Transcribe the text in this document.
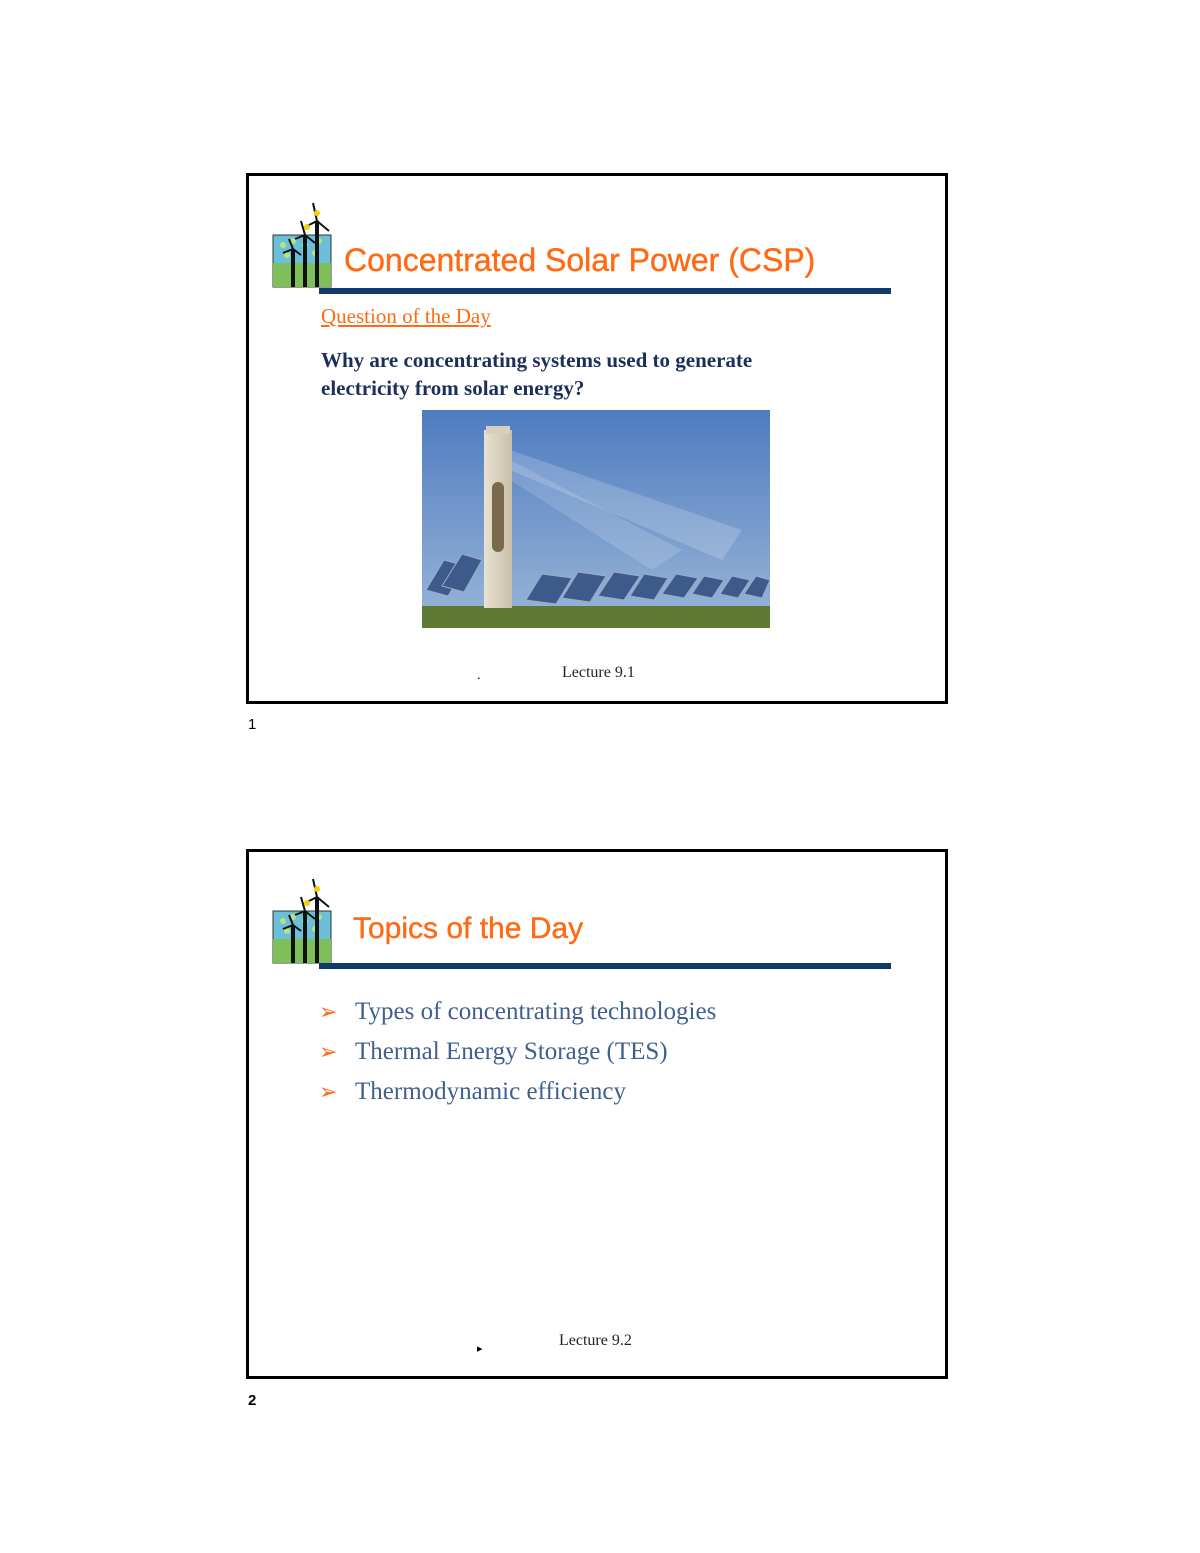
Concentrated Solar Power (CSP)
Question of the Day
Why are concentrating systems used to generate electricity from solar energy?
.	Lecture 9.1
1
Topics of the Day
➢ Types of concentrating technologies
➢ Thermal Energy Storage (TES)
➢ Thermodynamic efficiency
▸	Lecture 9.2
2
